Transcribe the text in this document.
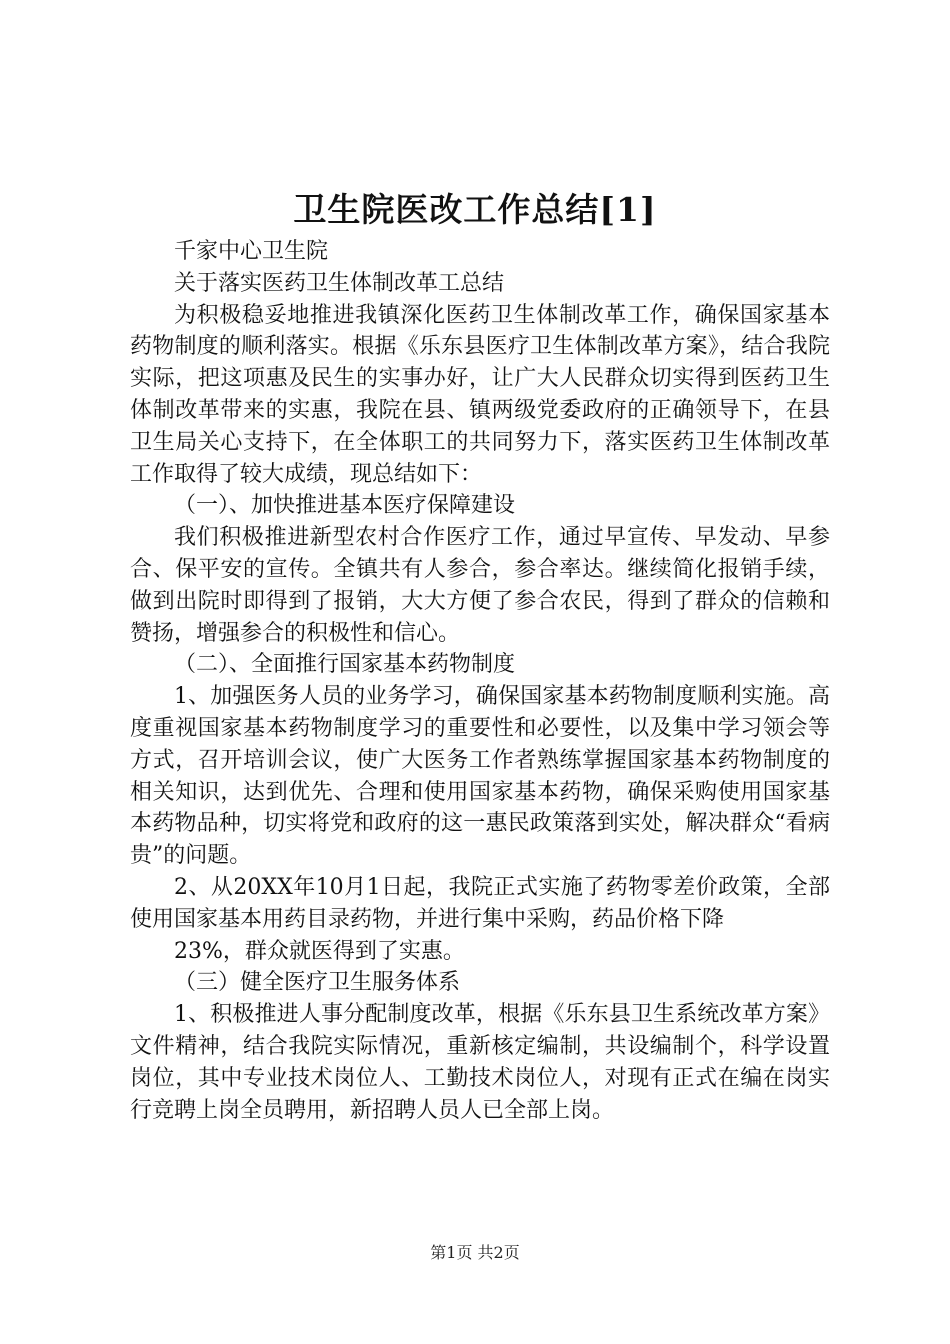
卫生院医改工作总结[1]

千家中心卫生院

关于落实医药卫生体制改革工总结

为积极稳妥地推进我镇深化医药卫生体制改革工作，确保国家基本药物制度的顺利落实。根据《乐东县医疗卫生体制改革方案》，结合我院实际，把这项惠及民生的实事办好，让广大人民群众切实得到医药卫生体制改革带来的实惠，我院在县、镇两级党委政府的正确领导下，在县卫生局关心支持下，在全体职工的共同努力下，落实医药卫生体制改革工作取得了较大成绩，现总结如下：

（一）、加快推进基本医疗保障建设

我们积极推进新型农村合作医疗工作，通过早宣传、早发动、早参合、保平安的宣传。全镇共有人参合，参合率达。继续简化报销手续，做到出院时即得到了报销，大大方便了参合农民，得到了群众的信赖和赞扬，增强参合的积极性和信心。

（二）、全面推行国家基本药物制度

1、加强医务人员的业务学习，确保国家基本药物制度顺利实施。高度重视国家基本药物制度学习的重要性和必要性，以及集中学习领会等方式，召开培训会议，使广大医务工作者熟练掌握国家基本药物制度的相关知识，达到优先、合理和使用国家基本药物，确保采购使用国家基本药物品种，切实将党和政府的这一惠民政策落到实处，解决群众“看病贵”的问题。

2、从20XX年10月1日起，我院正式实施了药物零差价政策，全部使用国家基本用药目录药物，并进行集中采购，药品价格下降

23%，群众就医得到了实惠。

（三）健全医疗卫生服务体系

1、积极推进人事分配制度改革，根据《乐东县卫生系统改革方案》文件精神，结合我院实际情况，重新核定编制，共设编制个，科学设置岗位，其中专业技术岗位人、工勤技术岗位人，对现有正式在编在岗实行竞聘上岗全员聘用，新招聘人员人已全部上岗。

第1页 共2页
